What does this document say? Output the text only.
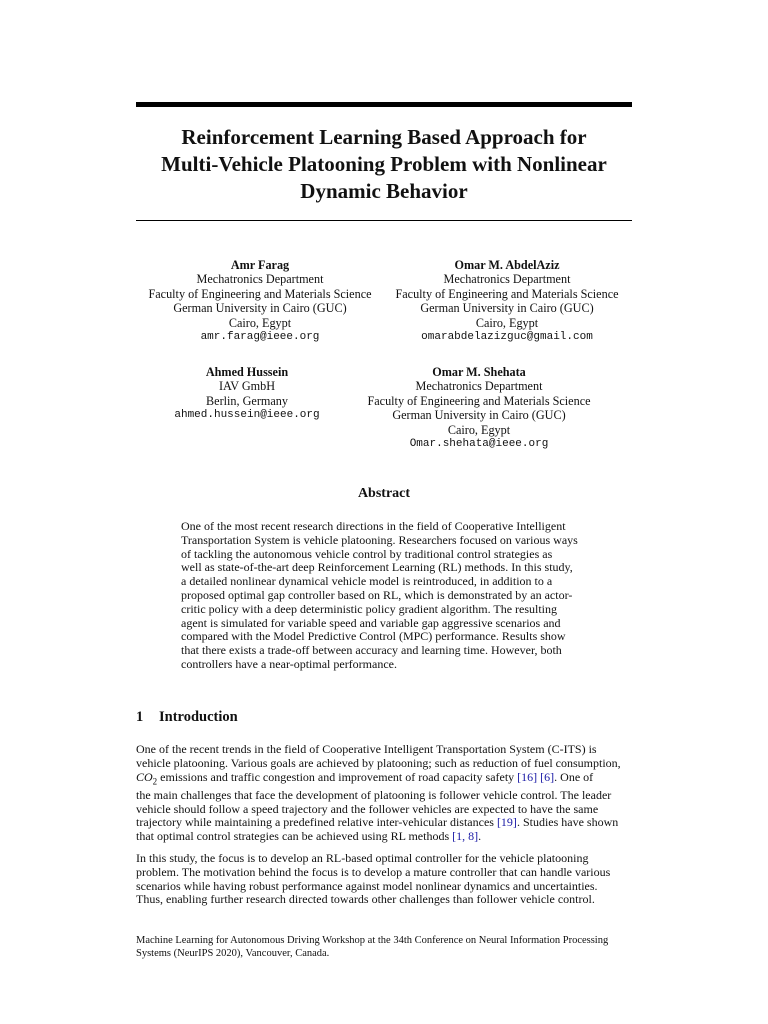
Reinforcement Learning Based Approach for
Multi-Vehicle Platooning Problem with Nonlinear
Dynamic Behavior
Amr Farag
Mechatronics Department
Faculty of Engineering and Materials Science
German University in Cairo (GUC)
Cairo, Egypt
amr.farag@ieee.org
Omar M. AbdelAziz
Mechatronics Department
Faculty of Engineering and Materials Science
German University in Cairo (GUC)
Cairo, Egypt
omarabdelazizguc@gmail.com
Ahmed Hussein
IAV GmbH
Berlin, Germany
ahmed.hussein@ieee.org
Omar M. Shehata
Mechatronics Department
Faculty of Engineering and Materials Science
German University in Cairo (GUC)
Cairo, Egypt
Omar.shehata@ieee.org
Abstract
One of the most recent research directions in the field of Cooperative Intelligent
Transportation System is vehicle platooning. Researchers focused on various ways
of tackling the autonomous vehicle control by traditional control strategies as
well as state-of-the-art deep Reinforcement Learning (RL) methods. In this study,
a detailed nonlinear dynamical vehicle model is reintroduced, in addition to a
proposed optimal gap controller based on RL, which is demonstrated by an actor-
critic policy with a deep deterministic policy gradient algorithm. The resulting
agent is simulated for variable speed and variable gap aggressive scenarios and
compared with the Model Predictive Control (MPC) performance. Results show
that there exists a trade-off between accuracy and learning time. However, both
controllers have a near-optimal performance.
1 Introduction
One of the recent trends in the field of Cooperative Intelligent Transportation System (C-ITS) is
vehicle platooning. Various goals are achieved by platooning; such as reduction of fuel consumption,
$CO_2$ emissions and traffic congestion and improvement of road capacity safety [16] [6]. One of
the main challenges that face the development of platooning is follower vehicle control. The leader
vehicle should follow a speed trajectory and the follower vehicles are expected to have the same
trajectory while maintaining a predefined relative inter-vehicular distances [19]. Studies have shown
that optimal control strategies can be achieved using RL methods [1, 8].
In this study, the focus is to develop an RL-based optimal controller for the vehicle platooning
problem. The motivation behind the focus is to develop a mature controller that can handle various
scenarios while having robust performance against model nonlinear dynamics and uncertainties.
Thus, enabling further research directed towards other challenges than follower vehicle control.
Machine Learning for Autonomous Driving Workshop at the 34th Conference on Neural Information Processing
Systems (NeurIPS 2020), Vancouver, Canada.
